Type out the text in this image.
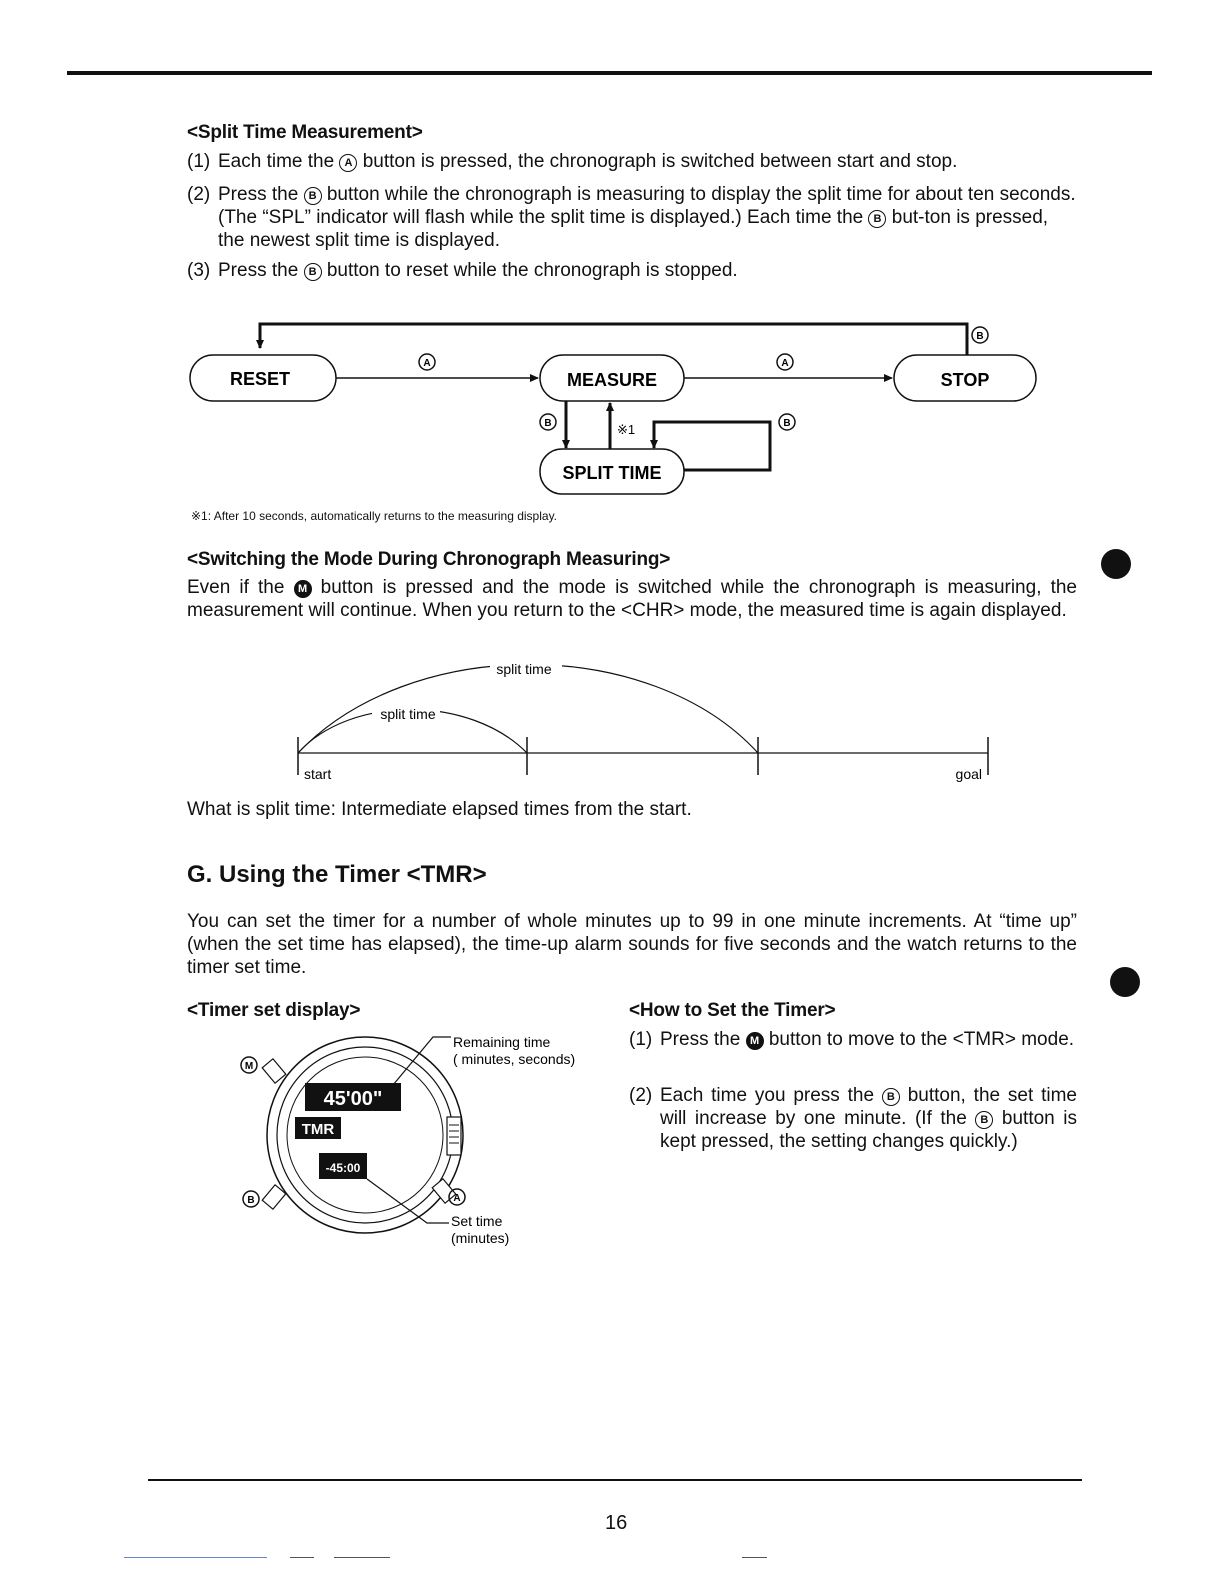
<Split Time Measurement>
(1) Each time the A button is pressed, the chronograph is switched between start and stop.
(2) Press the B button while the chronograph is measuring to display the split time for about ten seconds. (The “SPL” indicator will flash while the split time is displayed.) Each time the B but-ton is pressed, the newest split time is displayed.
(3) Press the B button to reset while the chronograph is stopped.
B
RESET
A
MEASURE
A
STOP
B	※1	B
SPLIT TIME
※1: After 10 seconds, automatically returns to the measuring display.
<Switching the Mode During Chronograph Measuring>
Even if the M button is pressed and the mode is switched while the chronograph is measuring, the measurement will continue. When you return to the <CHR> mode, the measured time is again displayed.
split time
split time
start	goal
What is split time: Intermediate elapsed times from the start.
G. Using the Timer <TMR>
You can set the timer for a number of whole minutes up to 99 in one minute increments. At “time up” (when the set time has elapsed), the time-up alarm sounds for five seconds and the watch returns to the timer set time.
<Timer set display>
M
B	A
45'00"
TMR
-45:00
Remaining time
( minutes, seconds)
Set time
(minutes)
<How to Set the Timer>
(1) Press the M button to move to the <TMR> mode.
(2) Each time you press the B button, the set time will increase by one minute. (If the B button is kept pressed, the setting changes quickly.)
16
